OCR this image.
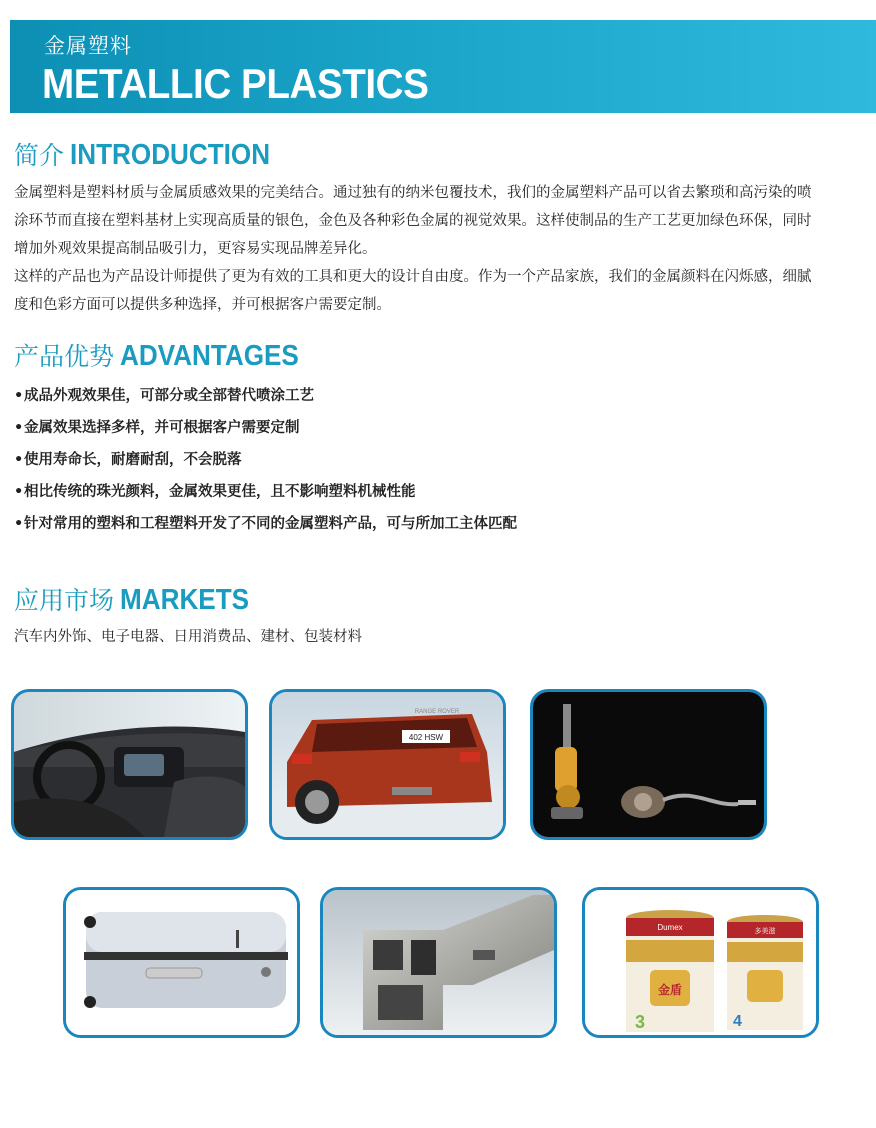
金属塑料
METALLIC PLASTICS
简介 INTRODUCTION

金属塑料是塑料材质与金属质感效果的完美结合。通过独有的纳米包覆技术，我们的金属塑料产品可以省去繁琐和高污染的喷涂环节而直接在塑料基材上实现高质量的银色，金色及各种彩色金属的视觉效果。这样使制品的生产工艺更加绿色环保，同时增加外观效果提高制品吸引力，更容易实现品牌差异化。

这样的产品也为产品设计师提供了更为有效的工具和更大的设计自由度。作为一个产品家族，我们的金属颜料在闪烁感，细腻度和色彩方面可以提供多种选择，并可根据客户需要定制。

产品优势 ADVANTAGES
•成品外观效果佳，可部分或全部替代喷涂工艺
•金属效果选择多样，并可根据客户需要定制
•使用寿命长，耐磨耐刮，不会脱落
•相比传统的珠光颜料，金属效果更佳，且不影响塑料机械性能
•针对常用的塑料和工程塑料开发了不同的金属塑料产品，可与所加工主体匹配
应用市场 MARKETS
汽车内外饰、电子电器、日用消费品、建材、包装材料
402 HSW
RANGE ROVER
Dumex
金盾
3
多美滋
4
